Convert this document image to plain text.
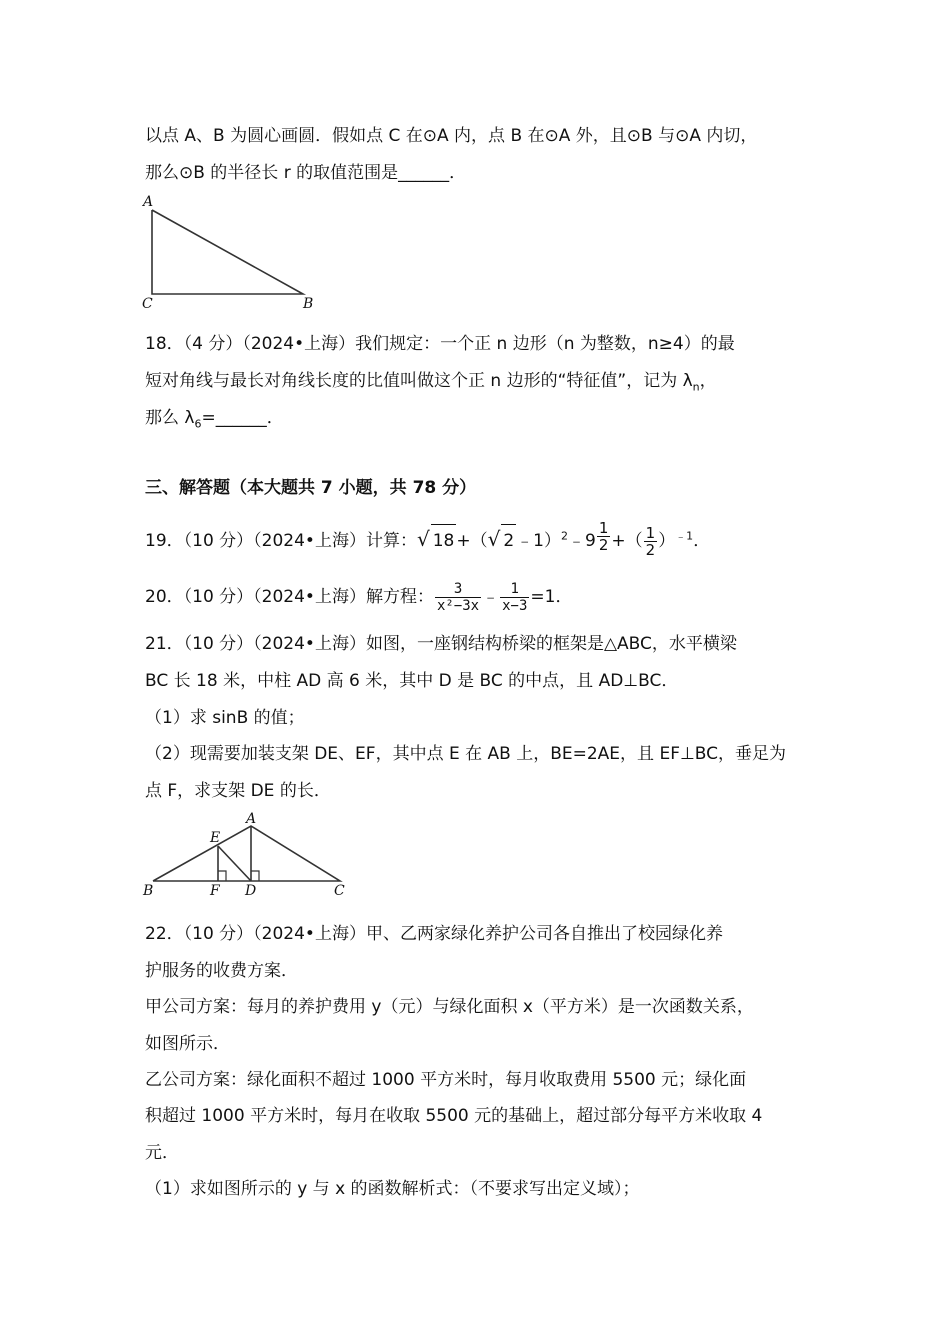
以点 A、B 为圆心画圆．假如点 C 在⊙A 内，点 B 在⊙A 外，且⊙B 与⊙A 内切，
那么⊙B 的半径长 r 的取值范围是______．
A
C	B
18．（4 分）（2024•上海）我们规定：一个正 n 边形（n 为整数，n≥4）的最
短对角线与最长对角线长度的比值叫做这个正 n 边形的“特征值”，记为 $\lambda_n$，
那么 $\lambda_6=\_\_\_\_\_\_$．
三、解答题（本大题共 7 小题，共 78 分）
19．（10 分）（2024•上海）计算：√ 18 +（√ 2 ﹣1）$^2$﹣9 $^{\frac{1}{2}}$ +（ $\frac{1}{2} )^{﹣1}$．
20．（10 分）（2024•上海）解方程： $\frac{3}{\text{x²−3x}}$ ﹣ $\frac{1}{x-3} =1$．
21．（10 分）（2024•上海）如图，一座钢结构桥梁的框架是△ABC，水平横梁
BC 长 18 米，中柱 AD 高 6 米，其中 D 是 BC 的中点，且 AD⊥BC．
（1）求 sinB 的值；
（2）现需要加装支架 DE、EF，其中点 E 在 AB 上，BE=2AE，且 EF⊥BC，垂足为
点 F，求支架 DE 的长．
A
E
B	F D	C
22．（10 分）（2024•上海）甲、乙两家绿化养护公司各自推出了校园绿化养
护服务的收费方案．
甲公司方案：每月的养护费用 y（元）与绿化面积 x（平方米）是一次函数关系，
如图所示．
乙公司方案：绿化面积不超过 1000 平方米时，每月收取费用 5500 元；绿化面
积超过 1000 平方米时，每月在收取 5500 元的基础上，超过部分每平方米收取 4
元．
（1）求如图所示的 y 与 x 的函数解析式：（不要求写出定义域）；
